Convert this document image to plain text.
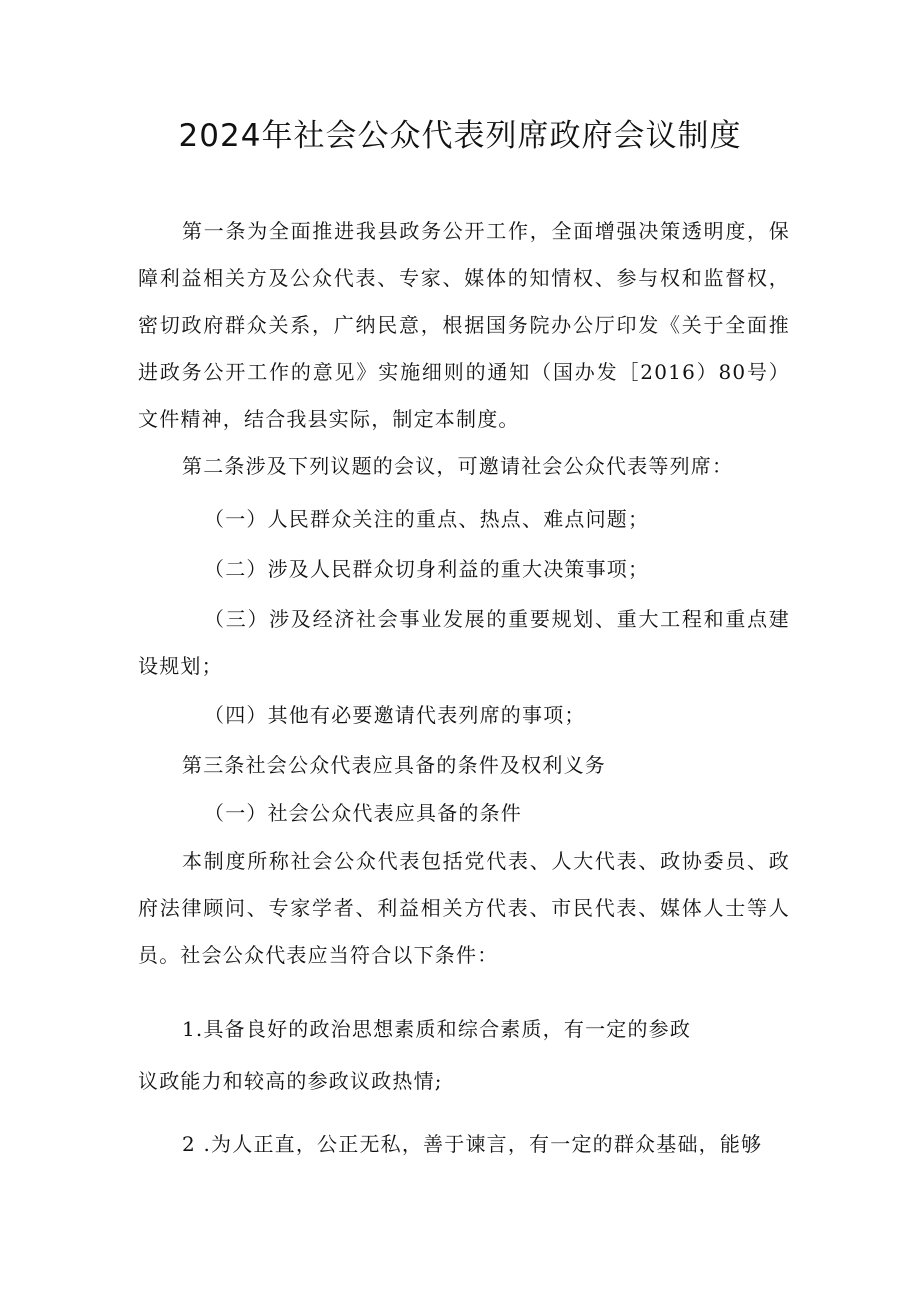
2024年社会公众代表列席政府会议制度

第一条为全面推进我县政务公开工作，全面增强决策透明度，保障利益相关方及公众代表、专家、媒体的知情权、参与权和监督权，密切政府群众关系，广纳民意，根据国务院办公厅印发《关于全面推进政务公开工作的意见》实施细则的通知（国办发［2016）80号）文件精神，结合我县实际，制定本制度。

第二条涉及下列议题的会议，可邀请社会公众代表等列席：

（一）人民群众关注的重点、热点、难点问题；

（二）涉及人民群众切身利益的重大决策事项；

（三）涉及经济社会事业发展的重要规划、重大工程和重点建设规划；

（四）其他有必要邀请代表列席的事项；

第三条社会公众代表应具备的条件及权利义务

（一）社会公众代表应具备的条件

本制度所称社会公众代表包括党代表、人大代表、政协委员、政府法律顾问、专家学者、利益相关方代表、市民代表、媒体人士等人员。社会公众代表应当符合以下条件：

1.具备良好的政治思想素质和综合素质，有一定的参政

议政能力和较高的参政议政热情;

2 .为人正直，公正无私，善于谏言，有一定的群众基础，能够
